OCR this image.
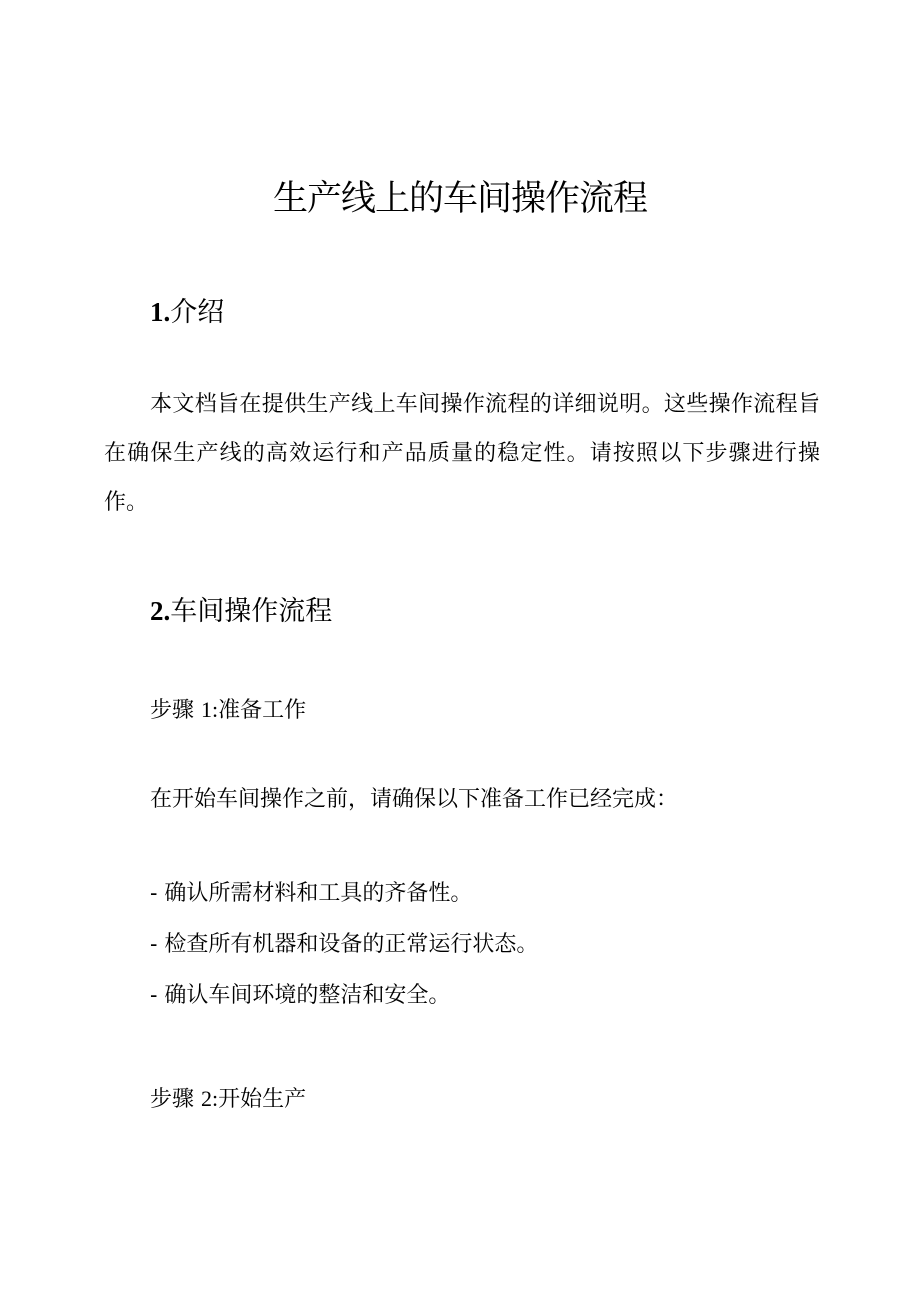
生产线上的车间操作流程
1.介绍

本文档旨在提供生产线上车间操作流程的详细说明。这些操作流程旨在确保生产线的高效运行和产品质量的稳定性。请按照以下步骤进行操作。

2.车间操作流程
步骤 1:准备工作

在开始车间操作之前，请确保以下准备工作已经完成：

- 确认所需材料和工具的齐备性。
- 检查所有机器和设备的正常运行状态。
- 确认车间环境的整洁和安全。
步骤 2:开始生产
